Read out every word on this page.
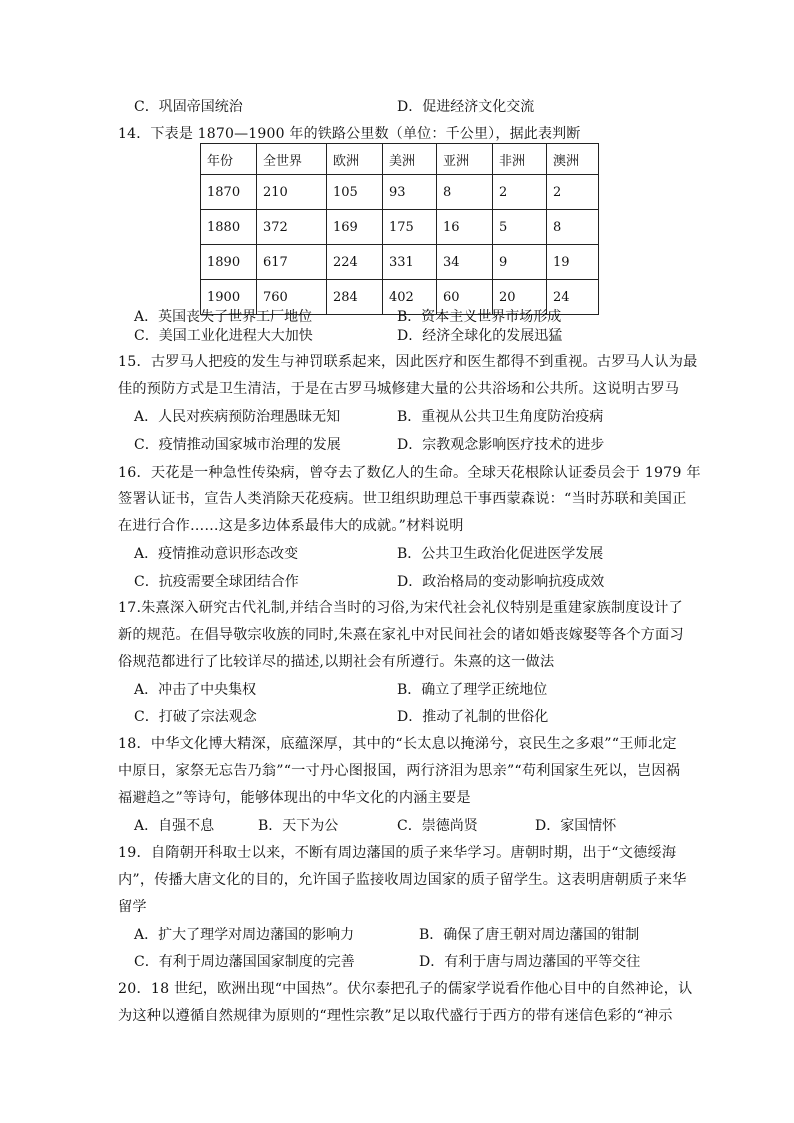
C．巩固帝国统治	D．促进经济文化交流
14．下表是 1870—1900 年的铁路公里数（单位：千公里），据此表判断
年份	全世界	欧洲	美洲	亚洲	非洲	澳洲
1870	210	105	93	8	2	2
1880	372	169	175	16	5	8
1890	617	224	331	34	9	19
1900	760	284	402	60	20	24
A．英国丧失了世界工厂地位	B．资本主义世界市场形成
C．美国工业化进程大大加快	D．经济全球化的发展迅猛
15．古罗马人把疫的发生与神罚联系起来，因此医疗和医生都得不到重视。古罗马人认为最
佳的预防方式是卫生清洁，于是在古罗马城修建大量的公共浴场和公共所。这说明古罗马
A．人民对疾病预防治理愚昧无知	B．重视从公共卫生角度防治疫病
C．疫情推动国家城市治理的发展	D．宗教观念影响医疗技术的进步
16．天花是一种急性传染病，曾夺去了数亿人的生命。全球天花根除认证委员会于 1979 年
签署认证书，宣告人类消除天花疫病。世卫组织助理总干事西蒙森说：“当时苏联和美国正
在进行合作……这是多边体系最伟大的成就。”材料说明
A．疫情推动意识形态改变	B．公共卫生政治化促进医学发展
C．抗疫需要全球团结合作	D．政治格局的变动影响抗疫成效
17.朱熹深入研究古代礼制,并结合当时的习俗,为宋代社会礼仪特别是重建家族制度设计了
新的规范。在倡导敬宗收族的同时,朱熹在家礼中对民间社会的诸如婚丧嫁娶等各个方面习
俗规范都进行了比较详尽的描述,以期社会有所遵行。朱熹的这一做法
A．冲击了中央集权	B．确立了理学正统地位
C．打破了宗法观念	D．推动了礼制的世俗化
18．中华文化博大精深，底蕴深厚，其中的“长太息以掩涕兮，哀民生之多艰”“王师北定
中原日，家祭无忘告乃翁”“一寸丹心图报国，两行济泪为思亲”“苟利国家生死以，岂因祸
福避趋之”等诗句，能够体现出的中华文化的内涵主要是
A．自强不息	B．天下为公	C．崇德尚贤	D．家国情怀
19．自隋朝开科取士以来，不断有周边藩国的质子来华学习。唐朝时期，出于“文德绥海
内”，传播大唐文化的目的，允许国子监接收周边国家的质子留学生。这表明唐朝质子来华
留学
A．扩大了理学对周边藩国的影响力	B．确保了唐王朝对周边藩国的钳制
C．有利于周边藩国国家制度的完善	D．有利于唐与周边藩国的平等交往
20．18 世纪，欧洲出现“中国热”。伏尔泰把孔子的儒家学说看作他心目中的自然神论，认
为这种以遵循自然规律为原则的“理性宗教”足以取代盛行于西方的带有迷信色彩的“神示
